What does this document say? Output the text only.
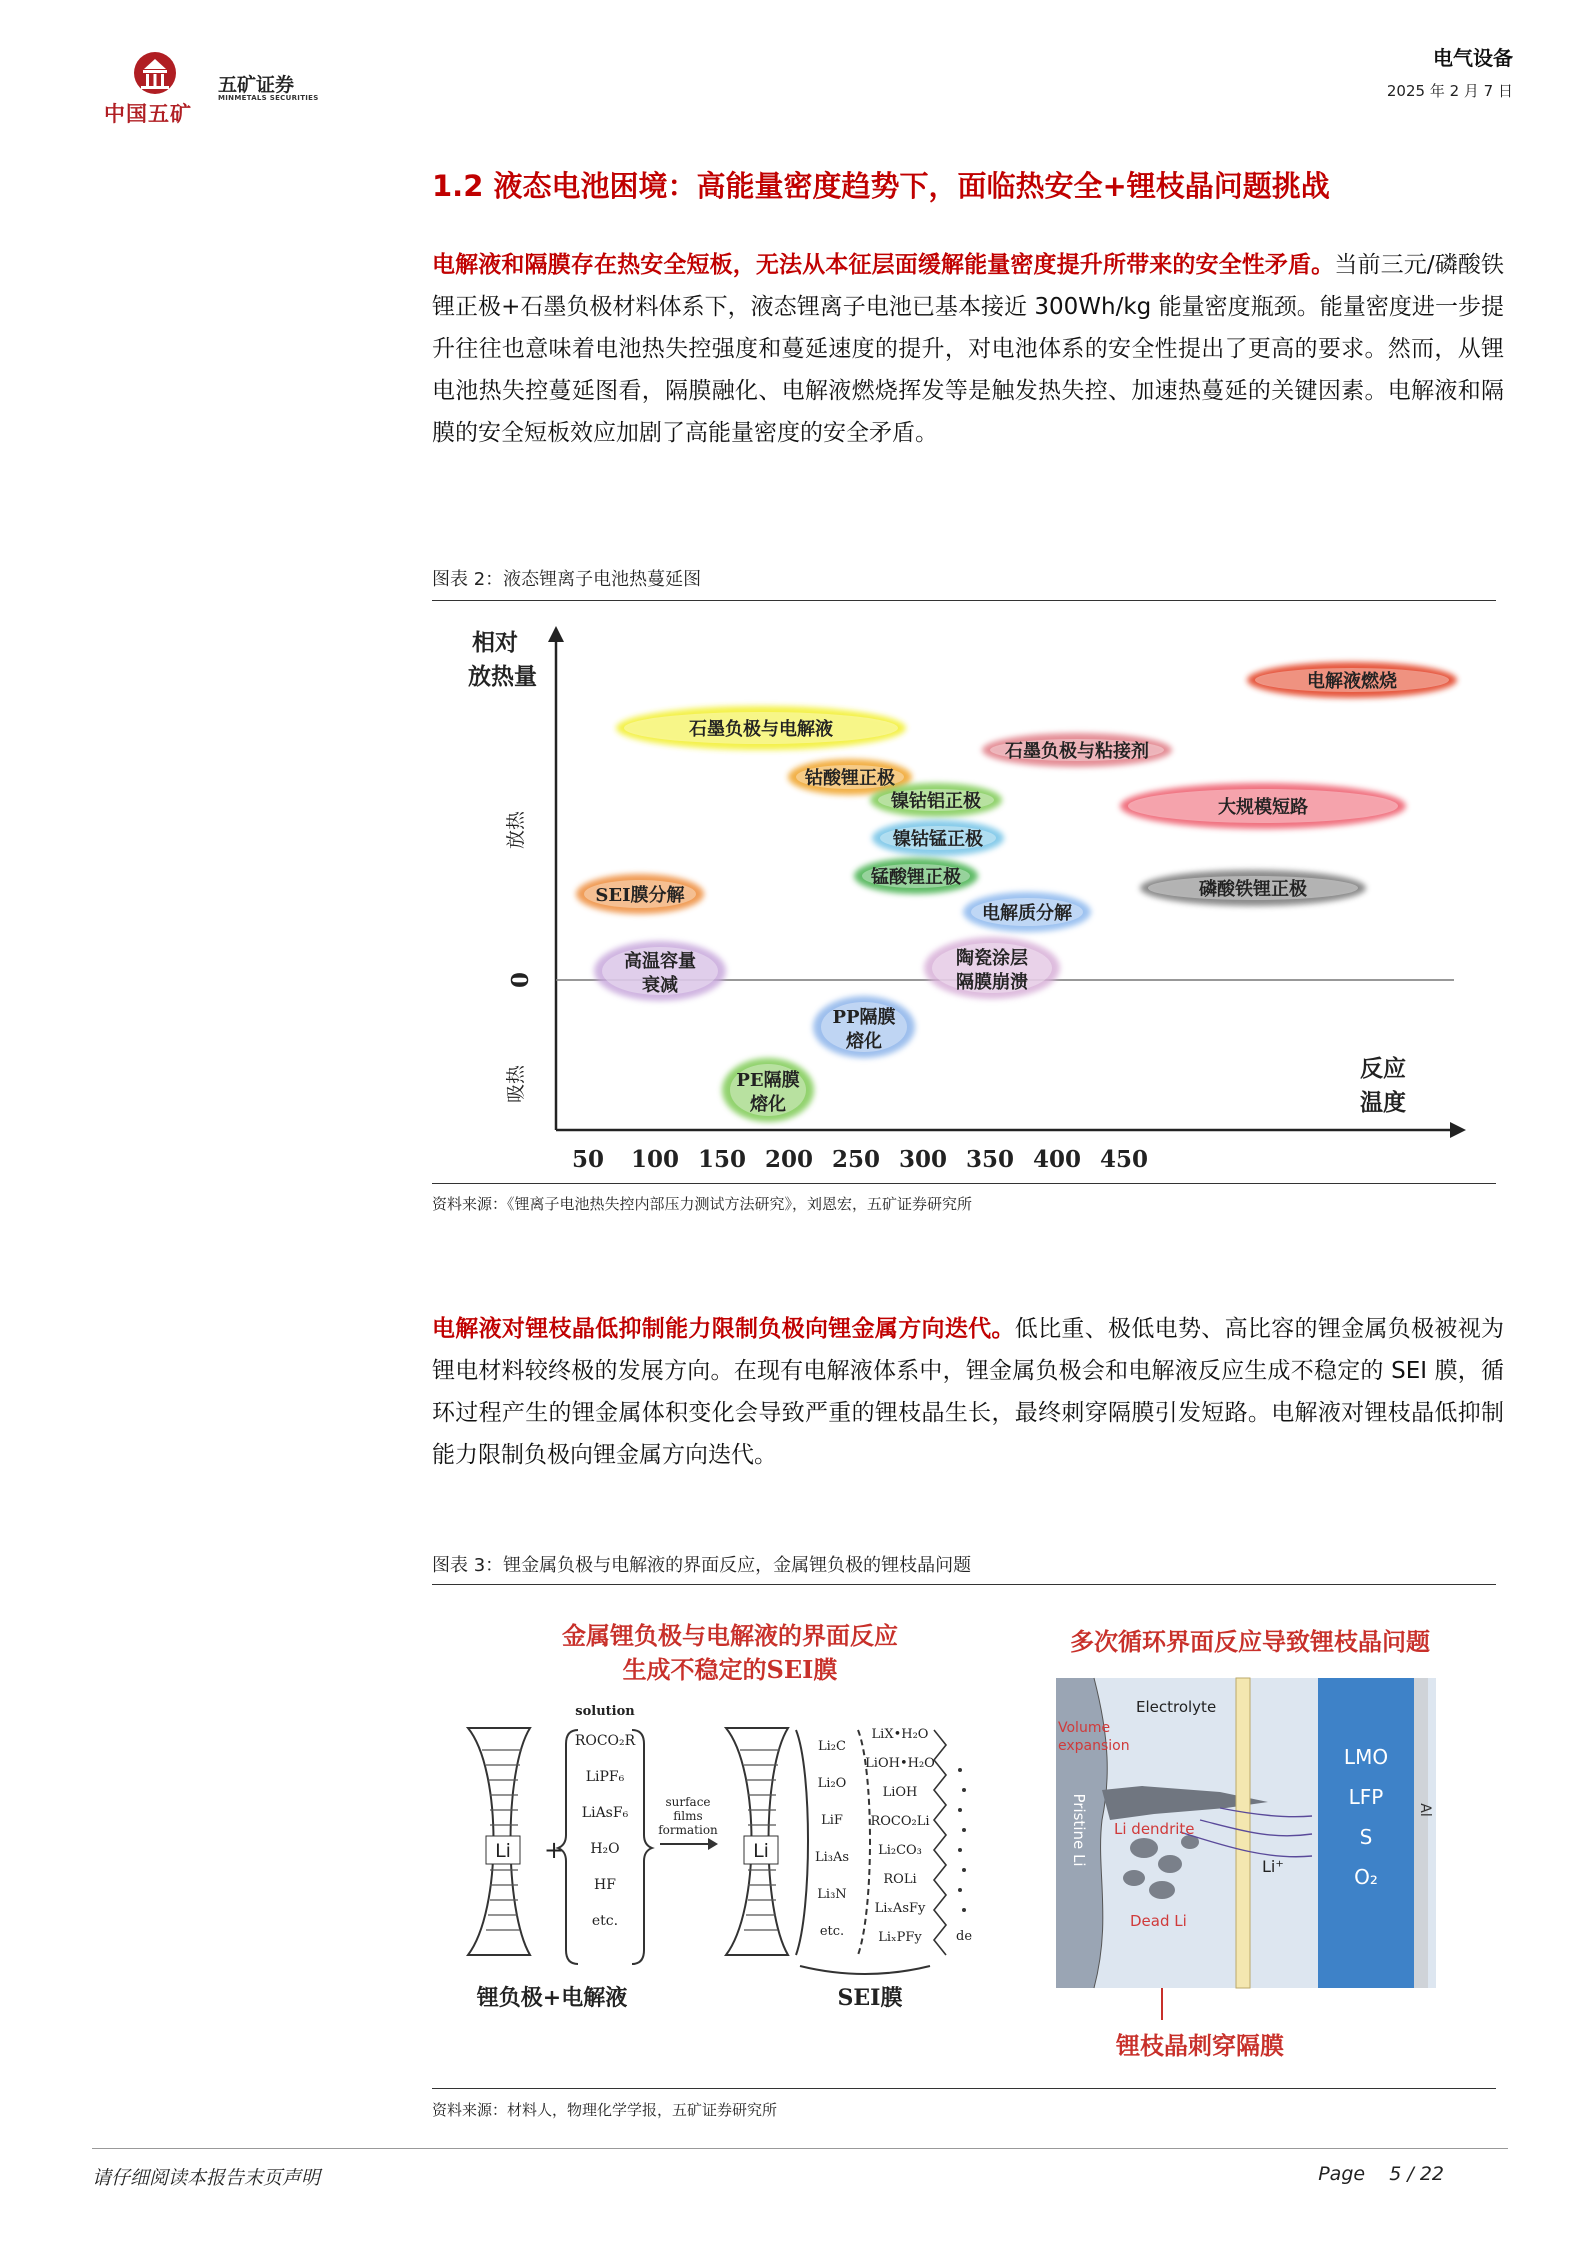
中国五矿
五矿证券
MINMETALS SECURITIES
电气设备
2025 年 2 月 7 日
1.2 液态电池困境：高能量密度趋势下，面临热安全+锂枝晶问题挑战
电解液和隔膜存在热安全短板，无法从本征层面缓解能量密度提升所带来的安全性矛盾。当前三元/磷酸铁锂正极+石墨负极材料体系下，液态锂离子电池已基本接近 300Wh/kg 能量密度瓶颈。能量密度进一步提升往往也意味着电池热失控强度和蔓延速度的提升，对电池体系的安全性提出了更高的要求。然而，从锂电池热失控蔓延图看，隔膜融化、电解液燃烧挥发等是触发热失控、加速热蔓延的关键因素。电解液和隔膜的安全短板效应加剧了高能量密度的安全矛盾。
图表 2：液态锂离子电池热蔓延图
相对
放热量
放热
吸热
0
反应
温度
50 100 150 200 250 300 350 400 450
电解液燃烧
石墨负极与电解液
石墨负极与粘接剂
钴酸锂正极
镍钴铝正极	大规模短路
镍钴锰正极
锰酸锂正极
SEI膜分解	磷酸铁锂正极
电解质分解
高温容量
衰减
陶瓷涂层
隔膜崩溃
PP隔膜
熔化
PE隔膜
熔化
资料来源：《锂离子电池热失控内部压力测试方法研究》，刘恩宏，五矿证券研究所
电解液对锂枝晶低抑制能力限制负极向锂金属方向迭代。低比重、极低电势、高比容的锂金属负极被视为锂电材料较终极的发展方向。在现有电解液体系中，锂金属负极会和电解液反应生成不稳定的 SEI 膜，循环过程产生的锂金属体积变化会导致严重的锂枝晶生长，最终刺穿隔膜引发短路。电解液对锂枝晶低抑制能力限制负极向锂金属方向迭代。
图表 3：锂金属负极与电解液的界面反应，金属锂负极的锂枝晶问题
金属锂负极与电解液的界面反应
生成不稳定的SEI膜
Li +
solution
ROCO₂R
LiPF₆
LiAsF₆
H₂O
HF
etc.
surface
films
formation
Li
Li₂C
Li₂O
LiF
Li₃As
Li₃N
etc.
LiX•H₂O
LiOH•H₂O
LiOH
ROCO₂Li
Li₂CO₃
ROLi
LiₓAsFy
LiₓPFy	de
锂负极+电解液	SEI膜
多次循环界面反应导致锂枝晶问题
Electrolyte
Volume
expansion
Pristine Li Li dendrite
Dead Li
Li⁺
LMO
LFP
S
O₂
Al
锂枝晶刺穿隔膜
资料来源：材料人，物理化学学报，五矿证券研究所
请仔细阅读本报告末页声明	Page 5 / 22
